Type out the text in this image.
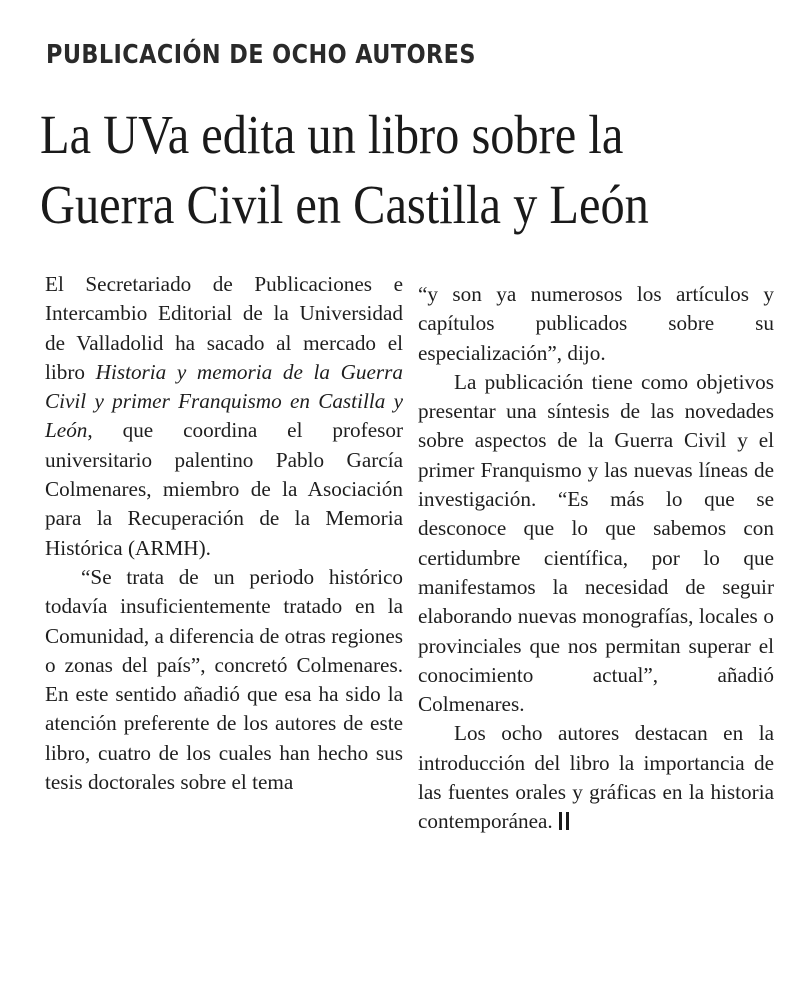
PUBLICACIÓN DE OCHO AUTORES
La UVa edita un libro sobre la
Guerra Civil en Castilla y León

El Secretariado de Publicaciones e Intercambio Editorial de la Universidad de Valladolid ha sacado al mercado el libro Historia y memoria de la Guerra Civil y primer Franquismo en Castilla y León, que coordina el profesor universitario palentino Pablo García Colmenares, miembro de la Asociación para la Recuperación de la Memoria Histórica (ARMH).

“Se trata de un periodo histórico todavía insuficientemente tratado en la Comunidad, a diferencia de otras regiones o zonas del país”, concretó Colmenares. En este sentido añadió que esa ha sido la atención preferente de los autores de este libro, cuatro de los cuales han hecho sus tesis doctorales sobre el tema

“y son ya numerosos los artículos y capítulos publicados sobre su especialización”, dijo.

La publicación tiene como objetivos presentar una síntesis de las novedades sobre aspectos de la Guerra Civil y el primer Franquismo y las nuevas líneas de investigación. “Es más lo que se desconoce que lo que sabemos con certidumbre científica, por lo que manifestamos la necesidad de seguir elaborando nuevas monografías, locales o provinciales que nos permitan superar el conocimiento actual”, añadió Colmenares.

Los ocho autores destacan en la introducción del libro la importancia de las fuentes orales y gráficas en la historia contemporánea.
